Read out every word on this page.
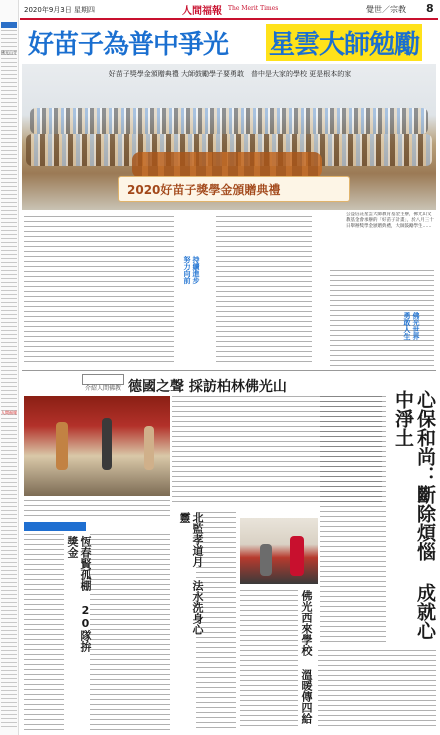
佛光山寺
人間福報
2020年9月3日 星期四	人間福報 The Merit Times	覺世／宗教 8
好苗子為普中爭光 星雲大師勉勵
好苗子獎學金頒贈典禮 大師鼓勵學子要勇敢　普中是大家的學校 更是根本的家
2020好苗子獎學金頒贈典禮
公益信託星雲大師教育基金主辦，佛光山文教基金會承辦的「好苗子計畫」，於八月三十日舉辦獎學金頒贈典禮，大師鼓勵學生……
持續進步
努力向前
佛光世界
勇敢人生
介紹人間佛教 德國之聲 採訪柏林佛光山
心保和尚：斷除煩惱 成就心中淨土
全台唯一接班
恆春賢孤棚 20隊拚獎金	北監孝道月 法水洗身心靈
佛光西來學校 溫暖傳四給
